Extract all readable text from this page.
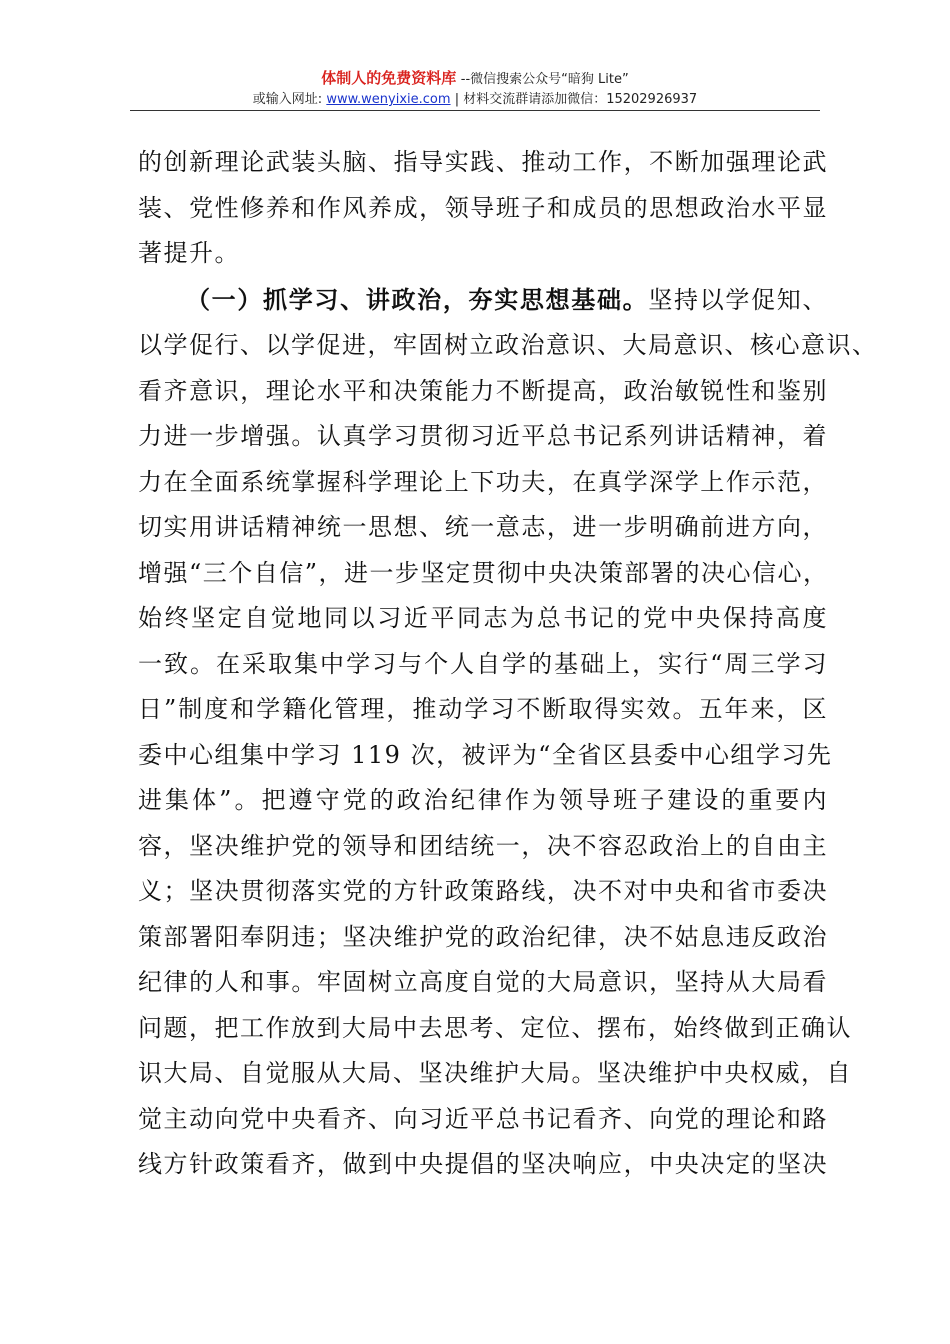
体制人的免费资料库 --微信搜索公众号“暗狗 Lite”
或输入网址: www.wenyixie.com | 材料交流群请添加微信：15202926937
的创新理论武装头脑、指导实践、推动工作，不断加强理论武
装、党性修养和作风养成，领导班子和成员的思想政治水平显
著提升。
（一）抓学习、讲政治，夯实思想基础。坚持以学促知、
以学促行、以学促进，牢固树立政治意识、大局意识、核心意识、
看齐意识，理论水平和决策能力不断提高，政治敏锐性和鉴别
力进一步增强。认真学习贯彻习近平总书记系列讲话精神，着
力在全面系统掌握科学理论上下功夫，在真学深学上作示范，
切实用讲话精神统一思想、统一意志，进一步明确前进方向，
增强“三个自信”，进一步坚定贯彻中央决策部署的决心信心，
始终坚定自觉地同以习近平同志为总书记的党中央保持高度
一致。在采取集中学习与个人自学的基础上，实行“周三学习
日”制度和学籍化管理，推动学习不断取得实效。五年来，区
委中心组集中学习 119 次，被评为“全省区县委中心组学习先
进集体”。把遵守党的政治纪律作为领导班子建设的重要内
容，坚决维护党的领导和团结统一，决不容忍政治上的自由主
义；坚决贯彻落实党的方针政策路线，决不对中央和省市委决
策部署阳奉阴违；坚决维护党的政治纪律，决不姑息违反政治
纪律的人和事。牢固树立高度自觉的大局意识，坚持从大局看
问题，把工作放到大局中去思考、定位、摆布，始终做到正确认
识大局、自觉服从大局、坚决维护大局。坚决维护中央权威，自
觉主动向党中央看齐、向习近平总书记看齐、向党的理论和路
线方针政策看齐，做到中央提倡的坚决响应，中央决定的坚决
